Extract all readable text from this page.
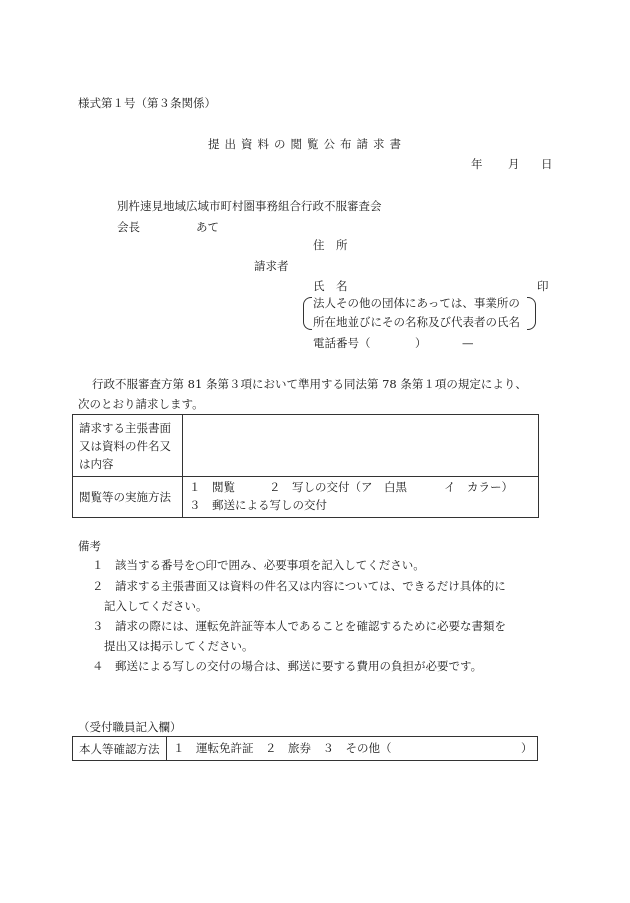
様式第１号（第３条関係）
提出資料の閲覧公布請求書
年 月 日
別杵速見地域広域市町村圏事務組合行政不服審査会
会長	あて
住　所
請求者
氏　名	印
法人その他の団体にあっては、事業所の
所在地並びにその名称及び代表者の氏名
電話番号（	）	—
行政不服審査方第 81 条第３項において準用する同法第 78 条第１項の規定により、
次のとおり請求します。
請求する主張書面
又は資料の件名又
は内容	

閲覧等の実施方法	１　閲覧 ２　写しの交付（ア　白黒 イ　カラー）
３　郵送による写しの交付
備考
１　該当する番号を○印で囲み、必要事項を記入してください。
２　請求する主張書面又は資料の件名又は内容については、できるだけ具体的に
記入してください。
３　請求の際には、運転免許証等本人であることを確認するために必要な書類を
提出又は掲示してください。
４　郵送による写しの交付の場合は、郵送に要する費用の負担が必要です。
（受付職員記入欄）
本人等確認方法	１　運転免許証　２　旅券　３　その他（	）
